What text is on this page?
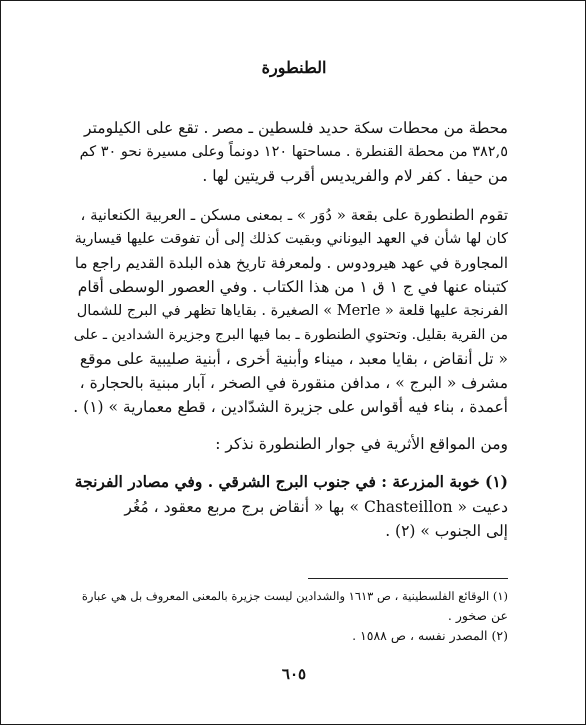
الطنطورة
محطة من محطات سكة حديد فلسطين ـ مصر . تقع على الكيلومتر
٣٨٢,٥ من محطة القنطرة . مساحتها ١٢٠ دونماً وعلى مسيرة نحو ٣٠ كم
من حيفا . كفر لام والفريديس أقرب قريتين لها .
تقوم الطنطورة على بقعة « دُوَر » ـ بمعنى مسكن ـ العربية الكنعانية ،
كان لها شأن في العهد اليوناني وبقيت كذلك إلى أن تفوقت عليها قيسارية
المجاورة في عهد هيرودوس . ولمعرفة تاريخ هذه البلدة القديم راجع ما
كتبناه عنها في ج ١ ق ١ من هذا الكتاب . وفي العصور الوسطى أقام
الفرنجة عليها قلعة « Merle » الصغيرة . بقاياها تظهر في البرج للشمال
من القرية بقليل. وتحتوي الطنطورة ـ بما فيها البرج وجزيرة الشدادين ـ على
« تل أنقاض ، بقايا معبد ، ميناء وأبنية أخرى ، أبنية صليبية على موقع
مشرف « البرج » ، مدافن منقورة في الصخر ، آبار مبنية بالحجارة ،
أعمدة ، بناء فيه أقواس على جزيرة الشدّادين ، قطع معمارية » (١) .
ومن المواقع الأثرية في جوار الطنطورة نذكر :
(١) خوبة المزرعة : في جنوب البرج الشرقي . وفي مصادر الفرنجة
دعيت « Chasteillon » بها « أنقاض برج مربع معقود ، مُغُر
إلى الجنوب » (٢) .
(١) الوقائع الفلسطينية ، ص ١٦١٣ والشدادين ليست جزيرة بالمعنى المعروف بل هي عبارة
عن صخور .
(٢) المصدر نفسه ، ص ١٥٨٨ .
٦٠٥
